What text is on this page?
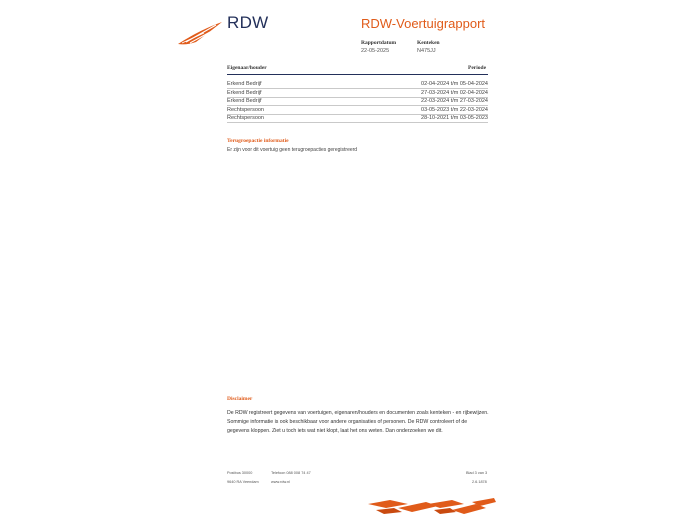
RDW	RDW-Voertuigrapport
Rapportdatum
22-05-2025
Kenteken
N475JJ
Eigenaar/houder	Periode
Erkend Bedrijf	02-04-2024 t/m 05-04-2024
Erkend Bedrijf	27-03-2024 t/m 02-04-2024
Erkend Bedrijf	22-03-2024 t/m 27-03-2024
Rechtspersoon	03-05-2023 t/m 22-03-2024
Rechtspersoon	28-10-2021 t/m 03-05-2023
Terugroepactie informatie
Er zijn voor dit voertuig geen terugroepacties geregistreerd
Disclaimer
De RDW registreert gegevens van voertuigen, eigenaren/houders en documenten zoals kenteken - en rijbewijzen. Sommige informatie is ook beschikbaar voor andere organisaties of personen. De RDW controleert of de gegevens kloppen. Ziet u toch iets wat niet klopt, laat het ons weten. Dan onderzoeken we dit.
Postbus 30000
9640 RA Veendam
Telefoon 088 008 74 47
www.rdw.nl
Blad 3 van 3
2.6.1878
